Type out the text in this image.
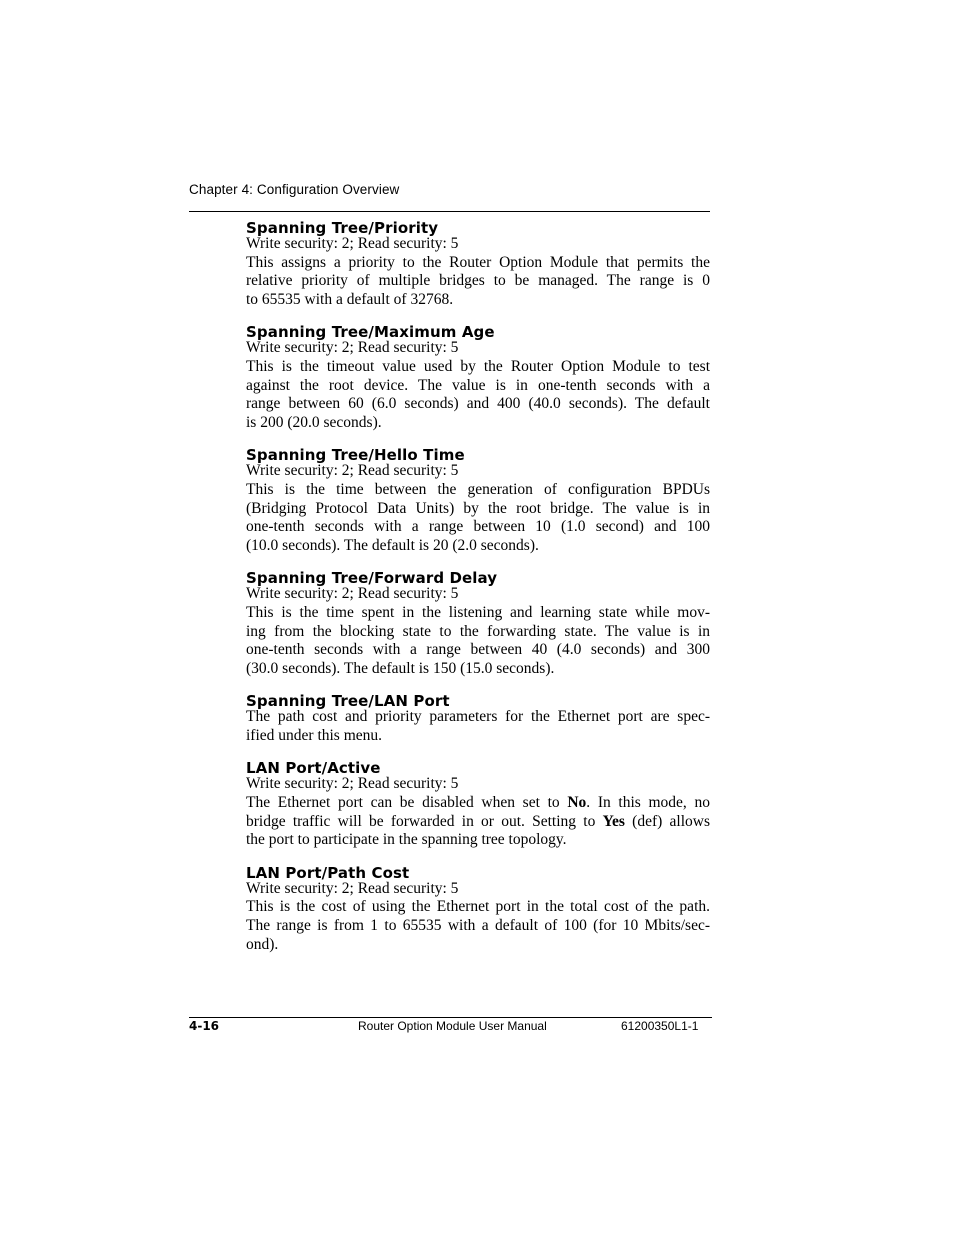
Chapter 4: Configuration Overview
Spanning Tree/Priority
Write security: 2; Read security: 5
This assigns a priority to the Router Option Module that permits the
relative priority of multiple bridges to be managed. The range is 0
to 65535 with a default of 32768.
Spanning Tree/Maximum Age
Write security: 2; Read security: 5
This is the timeout value used by the Router Option Module to test
against the root device. The value is in one-tenth seconds with a
range between 60 (6.0 seconds) and 400 (40.0 seconds). The default
is 200 (20.0 seconds).
Spanning Tree/Hello Time
Write security: 2; Read security: 5
This is the time between the generation of configuration BPDUs
(Bridging Protocol Data Units) by the root bridge. The value is in
one-tenth seconds with a range between 10 (1.0 second) and 100
(10.0 seconds). The default is 20 (2.0 seconds).
Spanning Tree/Forward Delay
Write security: 2; Read security: 5
This is the time spent in the listening and learning state while mov-
ing from the blocking state to the forwarding state. The value is in
one-tenth seconds with a range between 40 (4.0 seconds) and 300
(30.0 seconds). The default is 150 (15.0 seconds).
Spanning Tree/LAN Port
The path cost and priority parameters for the Ethernet port are spec-
ified under this menu.
LAN Port/Active
Write security: 2; Read security: 5
The Ethernet port can be disabled when set to No. In this mode, no
bridge traffic will be forwarded in or out. Setting to Yes (def) allows
the port to participate in the spanning tree topology.
LAN Port/Path Cost
Write security: 2; Read security: 5
This is the cost of using the Ethernet port in the total cost of the path.
The range is from 1 to 65535 with a default of 100 (for 10 Mbits/sec-
ond).
4-16	Router Option Module User Manual	61200350L1-1
